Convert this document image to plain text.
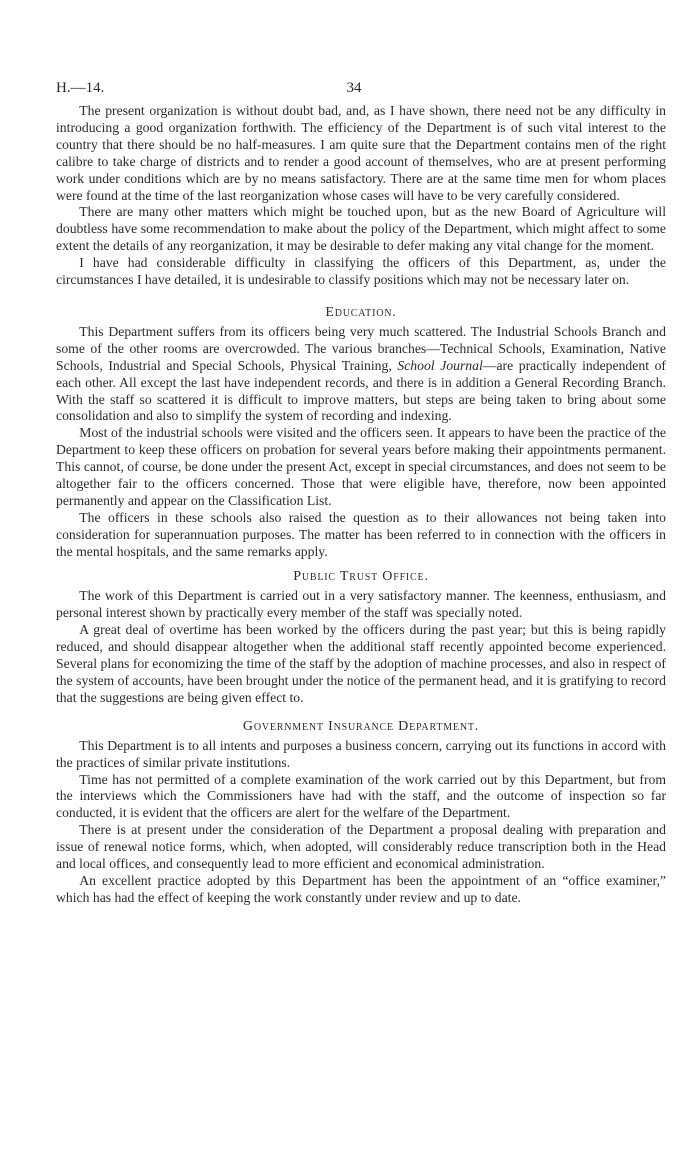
H.—14.	34

The present organization is without doubt bad, and, as I have shown, there need not be any difficulty in introducing a good organization forthwith. The efficiency of the Department is of such vital interest to the country that there should be no half-measures. I am quite sure that the Department contains men of the right calibre to take charge of districts and to render a good account of themselves, who are at present performing work under conditions which are by no means satisfactory. There are at the same time men for whom places were found at the time of the last reorganization whose cases will have to be very carefully considered.

There are many other matters which might be touched upon, but as the new Board of Agriculture will doubtless have some recommendation to make about the policy of the Department, which might affect to some extent the details of any reorganization, it may be desirable to defer making any vital change for the moment.

I have had considerable difficulty in classifying the officers of this Department, as, under the circumstances I have detailed, it is undesirable to classify positions which may not be necessary later on.

Education.

This Department suffers from its officers being very much scattered. The Industrial Schools Branch and some of the other rooms are overcrowded. The various branches—Technical Schools, Examination, Native Schools, Industrial and Special Schools, Physical Training, School Journal—are practically independent of each other. All except the last have independent records, and there is in addition a General Recording Branch. With the staff so scattered it is difficult to improve matters, but steps are being taken to bring about some consolidation and also to simplify the system of recording and indexing.

Most of the industrial schools were visited and the officers seen. It appears to have been the practice of the Department to keep these officers on probation for several years before making their appointments permanent. This cannot, of course, be done under the present Act, except in special circumstances, and does not seem to be altogether fair to the officers concerned. Those that were eligible have, therefore, now been appointed permanently and appear on the Classification List.

The officers in these schools also raised the question as to their allowances not being taken into consideration for superannuation purposes. The matter has been referred to in connection with the officers in the mental hospitals, and the same remarks apply.

Public Trust Office.

The work of this Department is carried out in a very satisfactory manner. The keenness, enthusiasm, and personal interest shown by practically every member of the staff was specially noted.

A great deal of overtime has been worked by the officers during the past year; but this is being rapidly reduced, and should disappear altogether when the additional staff recently appointed become experienced. Several plans for economizing the time of the staff by the adoption of machine processes, and also in respect of the system of accounts, have been brought under the notice of the permanent head, and it is gratifying to record that the suggestions are being given effect to.

Government Insurance Department.

This Department is to all intents and purposes a business concern, carrying out its functions in accord with the practices of similar private institutions.

Time has not permitted of a complete examination of the work carried out by this Department, but from the interviews which the Commissioners have had with the staff, and the outcome of inspection so far conducted, it is evident that the officers are alert for the welfare of the Department.

There is at present under the consideration of the Department a proposal dealing with preparation and issue of renewal notice forms, which, when adopted, will considerably reduce transcription both in the Head and local offices, and consequently lead to more efficient and economical administration.

An excellent practice adopted by this Department has been the appointment of an “office examiner,” which has had the effect of keeping the work constantly under review and up to date.
